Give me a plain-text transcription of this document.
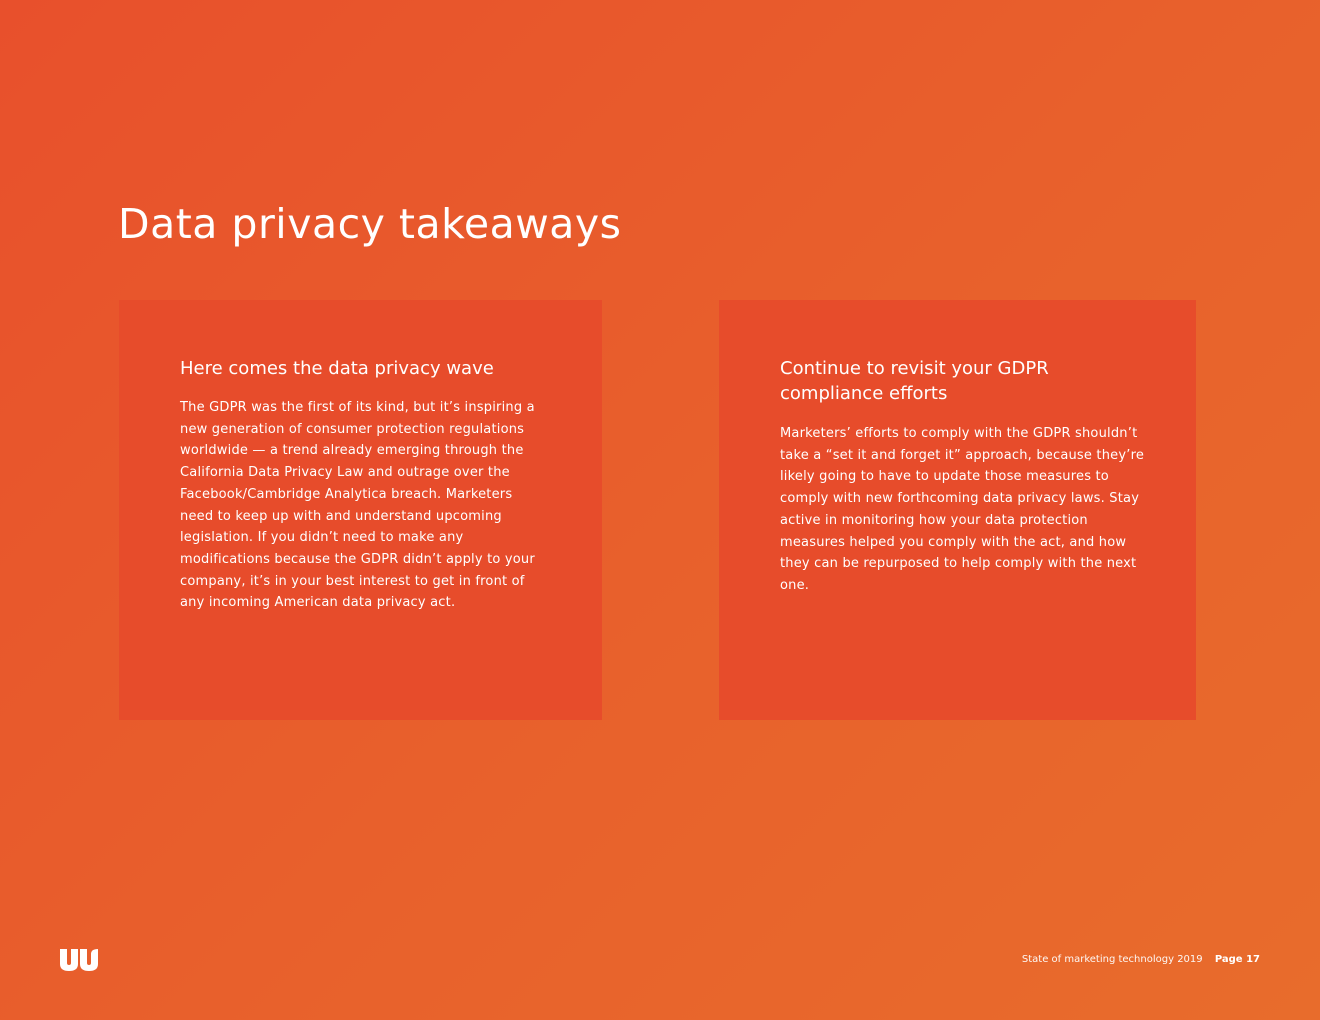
Data privacy takeaways
Here comes the data privacy wave

The GDPR was the first of its kind, but it’s inspiring a new generation of consumer protection regulations worldwide — a trend already emerging through the California Data Privacy Law and outrage over the Facebook/Cambridge Analytica breach. Marketers need to keep up with and understand upcoming legislation. If you didn’t need to make any modifications because the GDPR didn’t apply to your company, it’s in your best interest to get in front of any incoming American data privacy act.

Continue to revisit your GDPR compliance efforts

Marketers’ efforts to comply with the GDPR shouldn’t take a “set it and forget it” approach, because they’re likely going to have to update those measures to comply with new forthcoming data privacy laws. Stay active in monitoring how your data protection measures helped you comply with the act, and how they can be repurposed to help comply with the next one.

State of marketing technology 2019 Page 17
